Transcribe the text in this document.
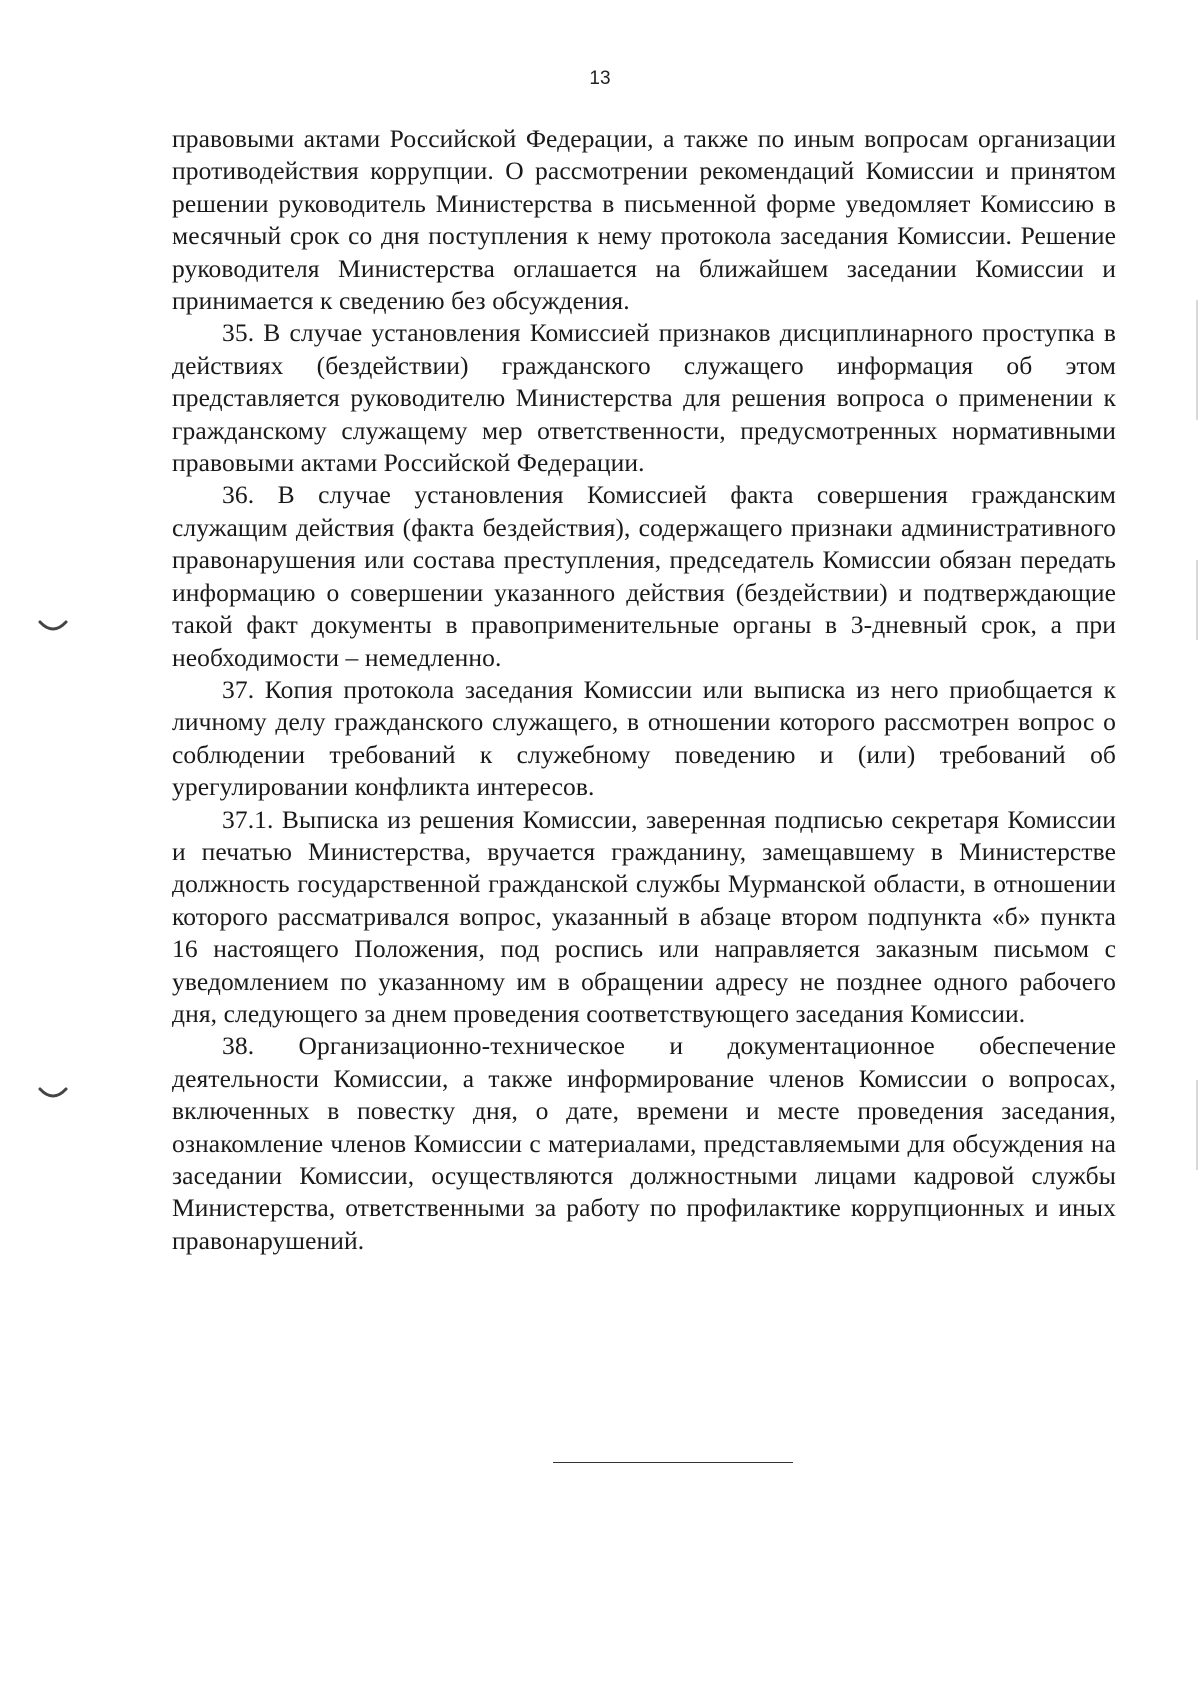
13

правовыми актами Российской Федерации, а также по иным вопросам организации противодействия коррупции. О рассмотрении рекомендаций Комиссии и принятом решении руководитель Министерства в письменной форме уведомляет Комиссию в месячный срок со дня поступления к нему протокола заседания Комиссии. Решение руководителя Министерства оглашается на ближайшем заседании Комиссии и принимается к сведению без обсуждения.

35. В случае установления Комиссией признаков дисциплинарного проступка в действиях (бездействии) гражданского служащего информация об этом представляется руководителю Министерства для решения вопроса о применении к гражданскому служащему мер ответственности, предусмотренных нормативными правовыми актами Российской Федерации.

36. В случае установления Комиссией факта совершения гражданским служащим действия (факта бездействия), содержащего признаки административного правонарушения или состава преступления, председатель Комиссии обязан передать информацию о совершении указанного действия (бездействии) и подтверждающие такой факт документы в правоприменительные органы в 3-дневный срок, а при необходимости – немедленно.

37. Копия протокола заседания Комиссии или выписка из него приобщается к личному делу гражданского служащего, в отношении которого рассмотрен вопрос о соблюдении требований к служебному поведению и (или) требований об урегулировании конфликта интересов.

37.1. Выписка из решения Комиссии, заверенная подписью секретаря Комиссии и печатью Министерства, вручается гражданину, замещавшему в Министерстве должность государственной гражданской службы Мурманской области, в отношении которого рассматривался вопрос, указанный в абзаце втором подпункта «б» пункта 16 настоящего Положения, под роспись или направляется заказным письмом с уведомлением по указанному им в обращении адресу не позднее одного рабочего дня, следующего за днем проведения соответствующего заседания Комиссии.

38. Организационно-техническое и документационное обеспечение деятельности Комиссии, а также информирование членов Комиссии о вопросах, включенных в повестку дня, о дате, времени и месте проведения заседания, ознакомление членов Комиссии с материалами, представляемыми для обсуждения на заседании Комиссии, осуществляются должностными лицами кадровой службы Министерства, ответственными за работу по профилактике коррупционных и иных правонарушений.
